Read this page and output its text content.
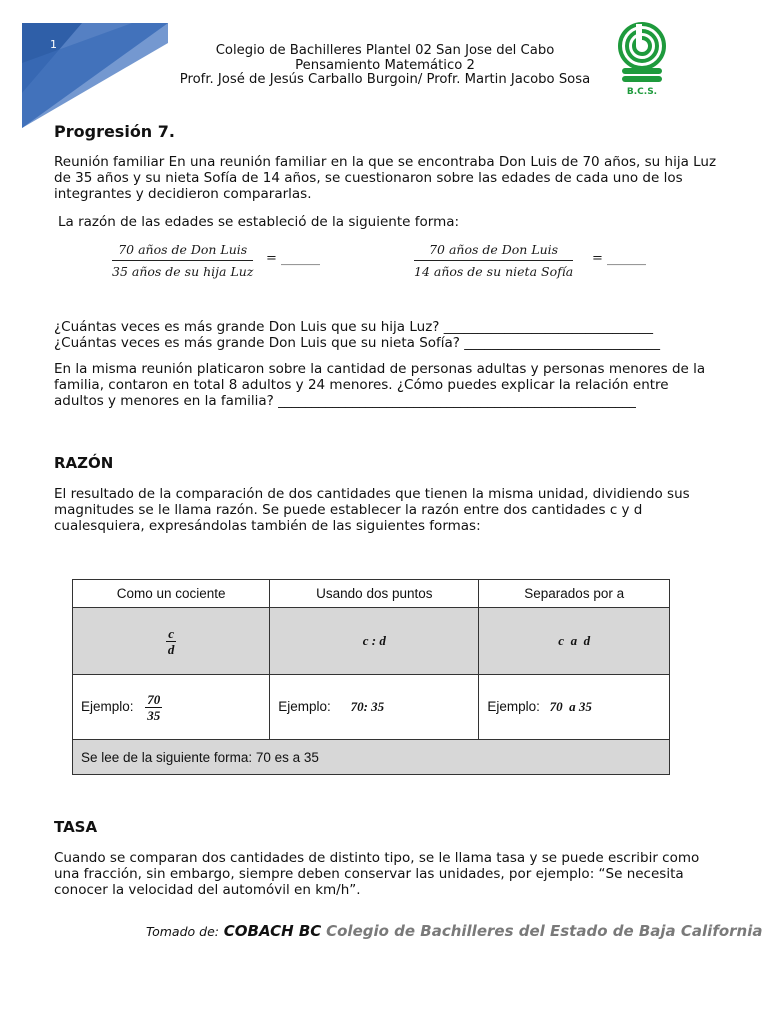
1	Colegio de Bachilleres Plantel 02 San Jose del Cabo
Pensamiento Matemático 2
Profr. José de Jesús Carballo Burgoin/ Profr. Martin Jacobo Sosa
B.C.S.
Progresión 7.
Reunión familiar En una reunión familiar en la que se encontraba Don Luis de 70 años, su hija Luz de 35 años y su nieta Sofía de 14 años, se cuestionaron sobre las edades de cada uno de los integrantes y decidieron compararlas.
La razón de las edades se estableció de la siguiente forma:
70 años de Don Luis
35 años de su hija Luz
= ______
70 años de Don Luis
14 años de su nieta Sofía
= ______
¿Cuántas veces es más grande Don Luis que su hija Luz? _______________________________
¿Cuántas veces es más grande Don Luis que su nieta Sofía? _____________________________
En la misma reunión platicaron sobre la cantidad de personas adultas y personas menores de la familia, contaron en total 8 adultos y 24 menores. ¿Cómo puedes explicar la relación entre adultos y menores en la familia? _____________________________________________________
RAZÓN
El resultado de la comparación de dos cantidades que tienen la misma unidad, dividiendo sus magnitudes se le llama razón. Se puede establecer la razón entre dos cantidades c y d cualesquiera, expresándolas también de las siguientes formas:
Como un cociente	Usando dos puntos	Separados por a

$\frac{c}{d}$	c : d	c  a  d
Ejemplo: $\frac{70}{35}$	Ejemplo: 70: 35	Ejemplo: 70  a 35
Se lee de la siguiente forma: 70 es a 35		
TASA
Cuando se comparan dos cantidades de distinto tipo, se le llama tasa y se puede escribir como una fracción, sin embargo, siempre deben conservar las unidades, por ejemplo: “Se necesita conocer la velocidad del automóvil en km/h”.
Tomado de: COBACH BC Colegio de Bachilleres del Estado de Baja California
